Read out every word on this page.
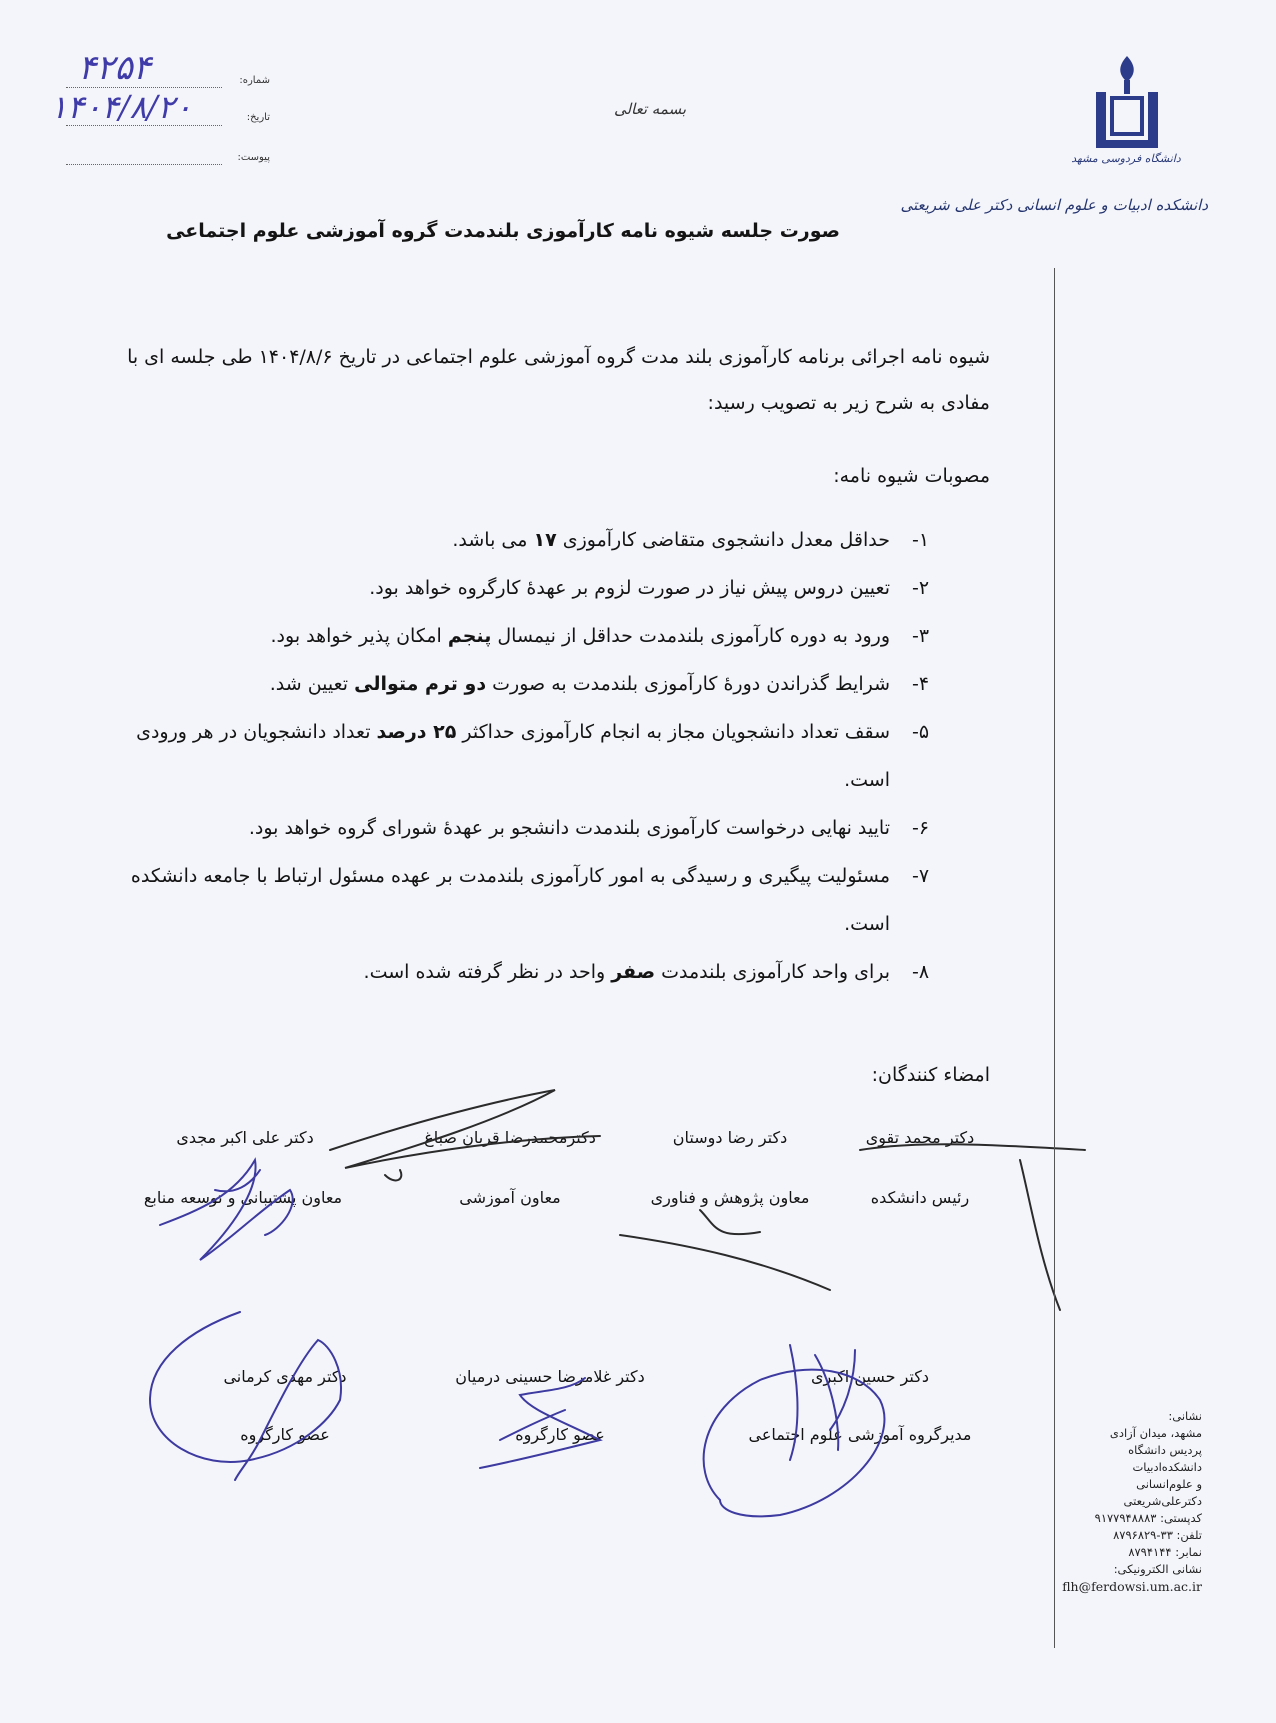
شماره:
۴۲۵۴
تاریخ:
۱۴۰۴/۸/۲۰
پیوست:
بسمه تعالی
دانشگاه فردوسی مشهد
دانشکده ادبیات و علوم انسانی دکتر علی شریعتی
صورت جلسه شیوه نامه کارآموزی بلندمدت گروه آموزشی علوم اجتماعی
شیوه نامه اجرائی برنامه کارآموزی بلند مدت گروه آموزشی علوم اجتماعی در تاریخ ۱۴۰۴/۸/۶ طی جلسه ای با مفادی به شرح زیر به تصویب رسید:
مصوبات شیوه نامه:
۱-
حداقل معدل دانشجوی متقاضی کارآموزی ۱۷ می باشد.
۲-
تعیین دروس پیش نیاز در صورت لزوم بر عهدهٔ کارگروه خواهد بود.
۳-
ورود به دوره کارآموزی بلندمدت حداقل از نیمسال پنجم امکان پذیر خواهد بود.
۴-
شرایط گذراندن دورهٔ کارآموزی بلندمدت به صورت دو ترم متوالی تعیین شد.
۵-
سقف تعداد دانشجویان مجاز به انجام کارآموزی حداکثر ۲۵ درصد تعداد دانشجویان در هر ورودی است.
۶-
تایید نهایی درخواست کارآموزی بلندمدت دانشجو بر عهدهٔ شورای گروه خواهد بود.
۷-
مسئولیت پیگیری و رسیدگی به امور کارآموزی بلندمدت بر عهده مسئول ارتباط با جامعه دانشکده است.
۸-
برای واحد کارآموزی بلندمدت صفر واحد در نظر گرفته شده است.
امضاء کنندگان:
دکتر محمد تقوی
رئیس دانشکده
دکتر رضا دوستان
معاون پژوهش و فناوری
دکترمحمدرضا قربان صباغ
معاون آموزشی
دکتر علی اکبر مجدی
معاون پشتیبانی و توسعه منابع
دکتر حسین اکبری
مدیرگروه آموزشی علوم اجتماعی
دکتر غلامرضا حسینی درمیان
عضو کارگروه
دکتر مهدی کرمانی
عضو کارگروه
نشانی:
مشهد، میدان آزادی
پردیس دانشگاه
دانشکده‌ادبیات
و علوم‌انسانی
دکترعلی‌شریعتی
کدپستی: ۹۱۷۷۹۴۸۸۸۳
تلفن: ۳۳-۸۷۹۶۸۲۹
نمابر: ۸۷۹۴۱۴۴
نشانی الکترونیکی:
flh@ferdowsi.um.ac.ir
